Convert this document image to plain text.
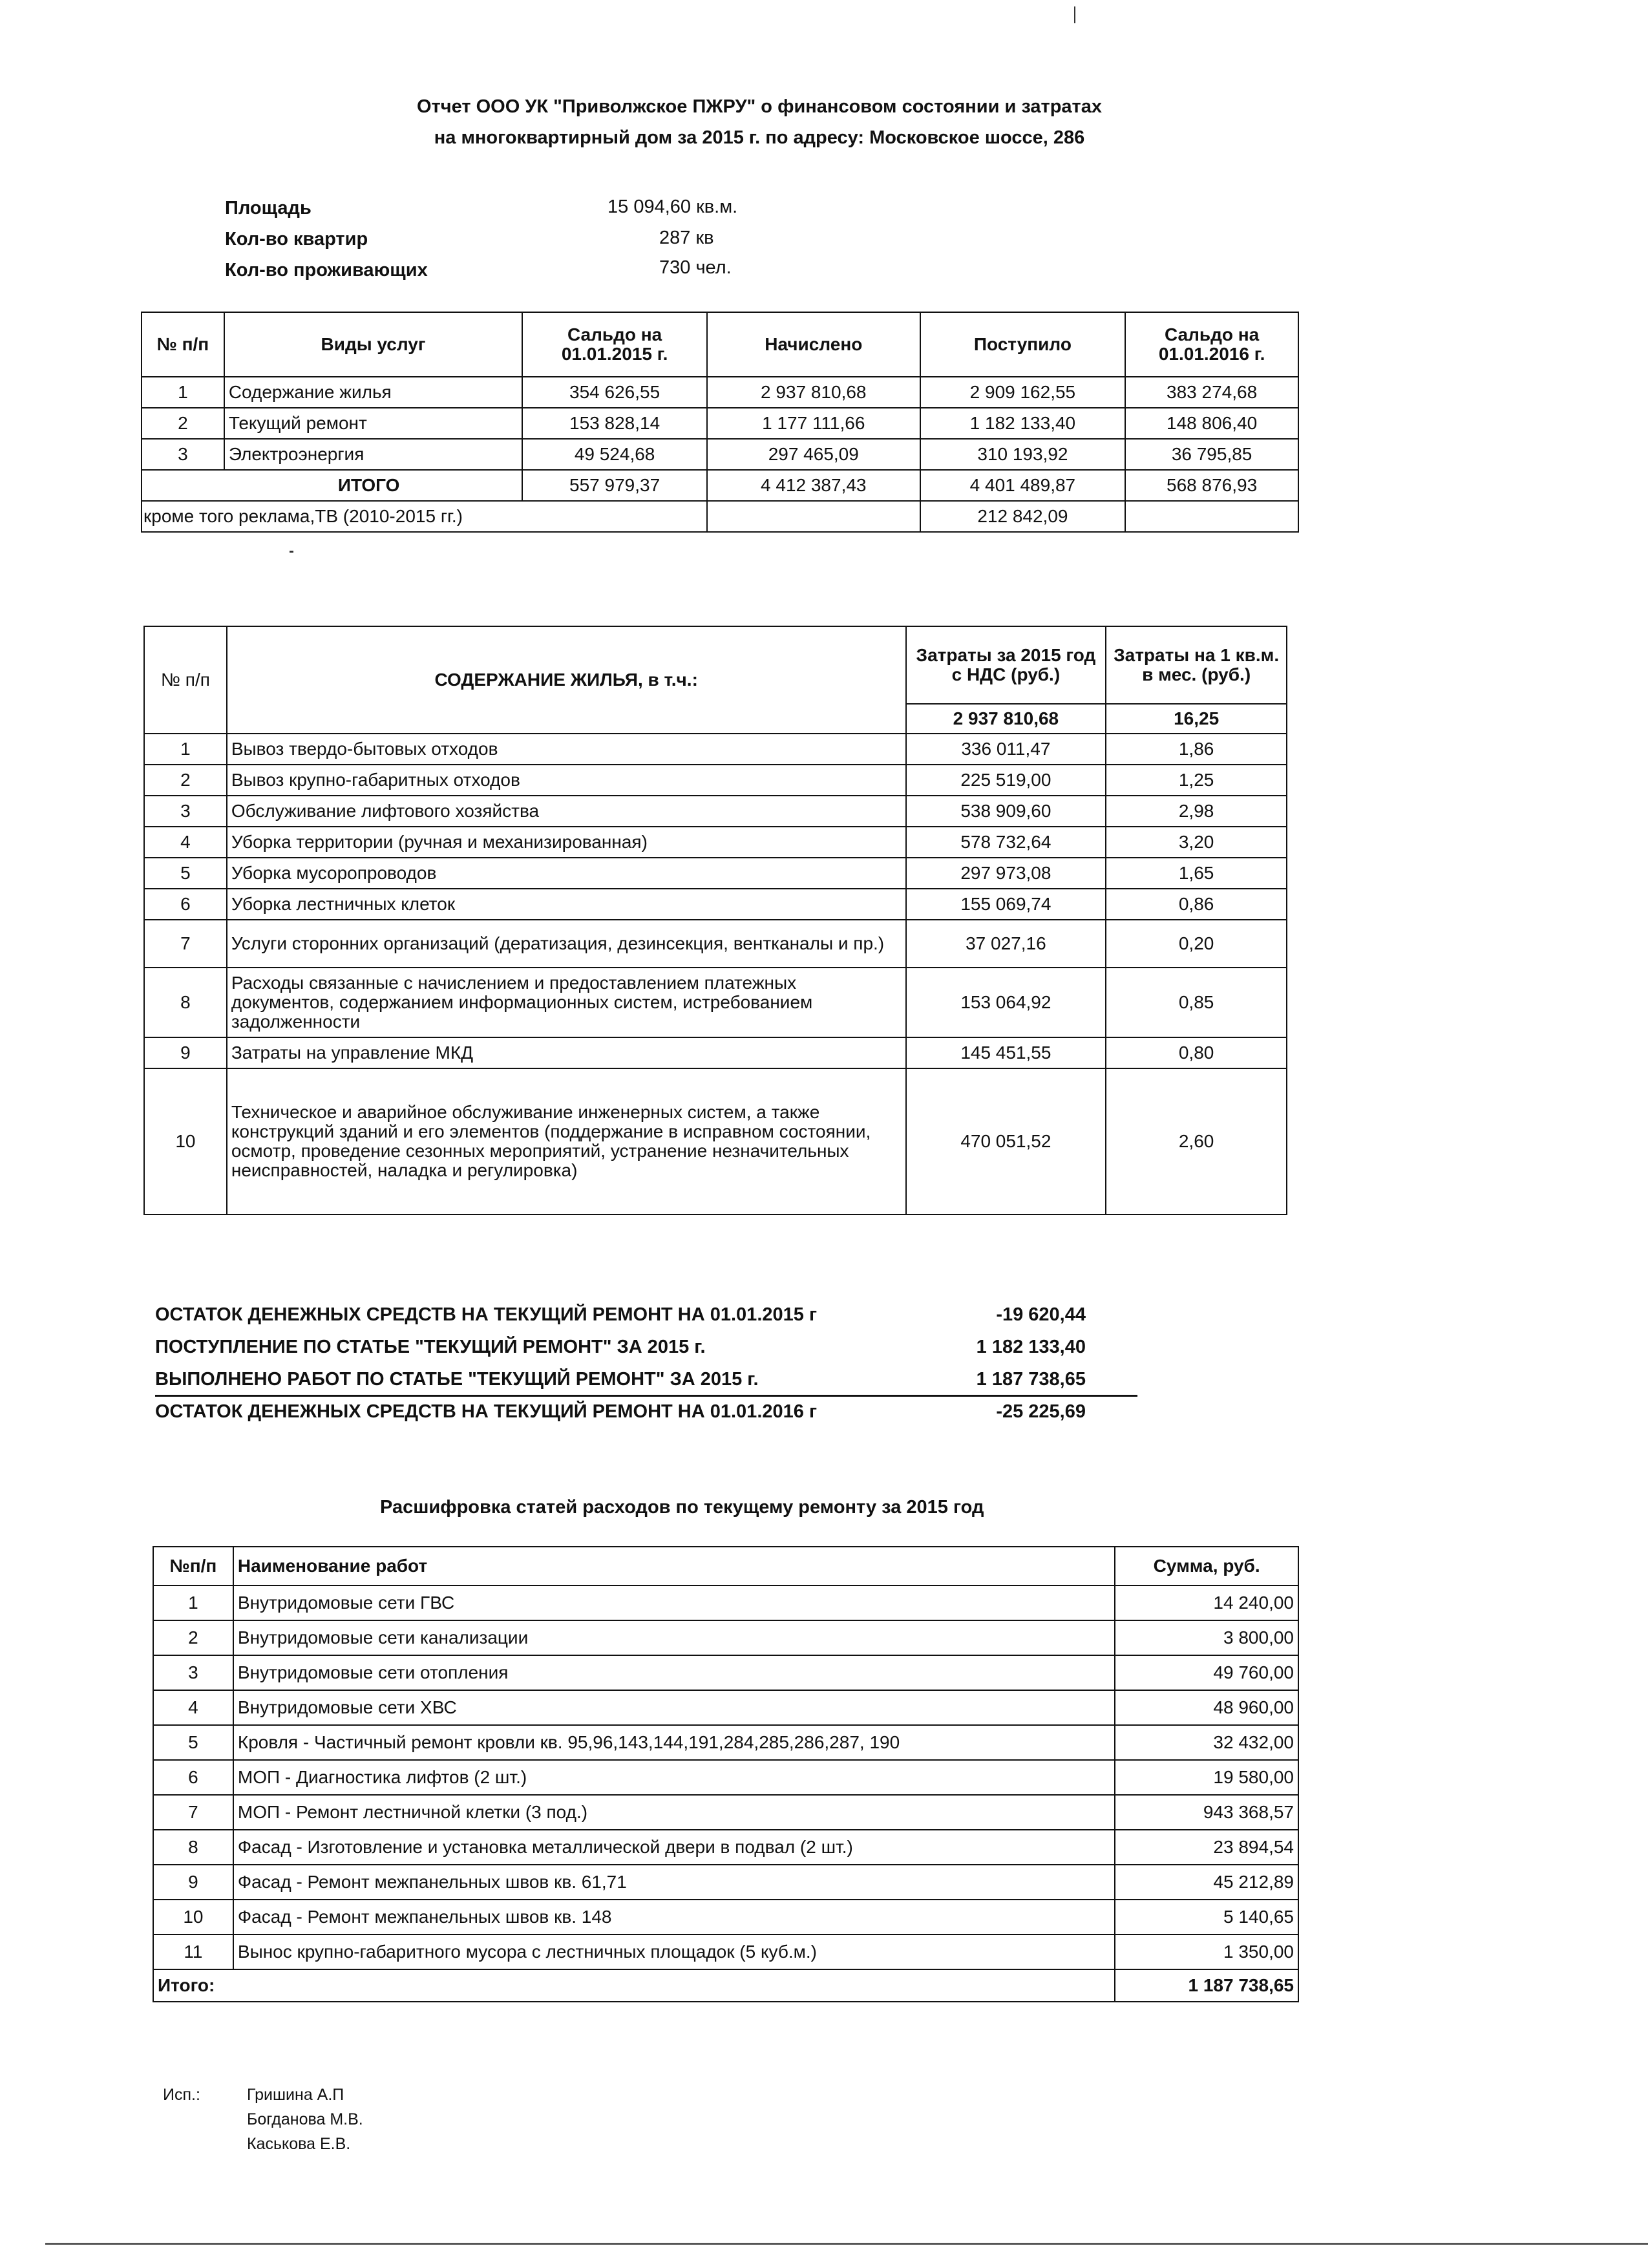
Отчет ООО УК "Приволжское ПЖРУ" о финансовом состоянии и затратах
на многоквартирный дом за 2015 г. по адресу: Московское шоссе, 286
Площадь	15 094,60 кв.м.
Кол-во квартир	287 кв
Кол-во проживающих	730 чел.
№ п/п	Виды услуг	Сальдо на 01.01.2015 г.	Начислено	Поступило	Сальдо на 01.01.2016 г.
1	Содержание жилья	354 626,55	2 937 810,68	2 909 162,55	383 274,68
2	Текущий ремонт	153 828,14	1 177 111,66	1 182 133,40	148 806,40
3	Электроэнергия	49 524,68	297 465,09	310 193,92	36 795,85
ИТОГО		557 979,37	4 412 387,43	4 401 489,87	568 876,93
кроме того реклама,ТВ (2010-2015 гг.)				212 842,09	
№ п/п	СОДЕРЖАНИЕ ЖИЛЬЯ, в т.ч.:	Затраты за 2015 год с НДС (руб.)	Затраты на 1 кв.м. в мес. (руб.)
		2 937 810,68	16,25
1	Вывоз твердо-бытовых отходов	336 011,47	1,86
2	Вывоз крупно-габаритных отходов	225 519,00	1,25
3	Обслуживание лифтового хозяйства	538 909,60	2,98
4	Уборка территории (ручная и механизированная)	578 732,64	3,20
5	Уборка мусоропроводов	297 973,08	1,65
6	Уборка лестничных клеток	155 069,74	0,86
7	Услуги сторонних организаций (дератизация, дезинсекция, вентканалы и пр.)	37 027,16	0,20
8	Расходы связанные с начислением и предоставлением платежных документов, содержанием информационных систем, истребованием задолженности	153 064,92	0,85
9	Затраты на управление МКД	145 451,55	0,80
10	Техническое и аварийное обслуживание инженерных систем, а также конструкций зданий и его элементов (поддержание в исправном состоянии, осмотр, проведение сезонных мероприятий, устранение незначительных неисправностей, наладка и регулировка)	470 051,52	2,60
ОСТАТОК ДЕНЕЖНЫХ СРЕДСТВ НА ТЕКУЩИЙ РЕМОНТ НА 01.01.2015 г	-19 620,44
ПОСТУПЛЕНИЕ ПО СТАТЬЕ "ТЕКУЩИЙ РЕМОНТ" ЗА 2015 г.	1 182 133,40
ВЫПОЛНЕНО РАБОТ ПО СТАТЬЕ "ТЕКУЩИЙ РЕМОНТ" ЗА 2015 г.	1 187 738,65
ОСТАТОК ДЕНЕЖНЫХ СРЕДСТВ НА ТЕКУЩИЙ РЕМОНТ НА 01.01.2016 г	-25 225,69
Расшифровка статей расходов по текущему ремонту за 2015 год
№п/п	Наименование работ	Сумма, руб.
1	Внутридомовые сети ГВС	14 240,00
2	Внутридомовые сети канализации	3 800,00
3	Внутридомовые сети отопления	49 760,00
4	Внутридомовые сети ХВС	48 960,00
5	Кровля - Частичный ремонт кровли кв. 95,96,143,144,191,284,285,286,287, 190	32 432,00
6	МОП - Диагностика лифтов (2 шт.)	19 580,00
7	МОП - Ремонт лестничной клетки (3 под.)	943 368,57
8	Фасад - Изготовление и установка металлической двери в подвал (2 шт.)	23 894,54
9	Фасад - Ремонт межпанельных швов кв. 61,71	45 212,89
10	Фасад - Ремонт межпанельных швов кв. 148	5 140,65
11	Вынос крупно-габаритного мусора с лестничных площадок (5 куб.м.)	1 350,00
Итого:		1 187 738,65
Исп.:	Гришина А.П
Богданова М.В.
Каськова Е.В.
